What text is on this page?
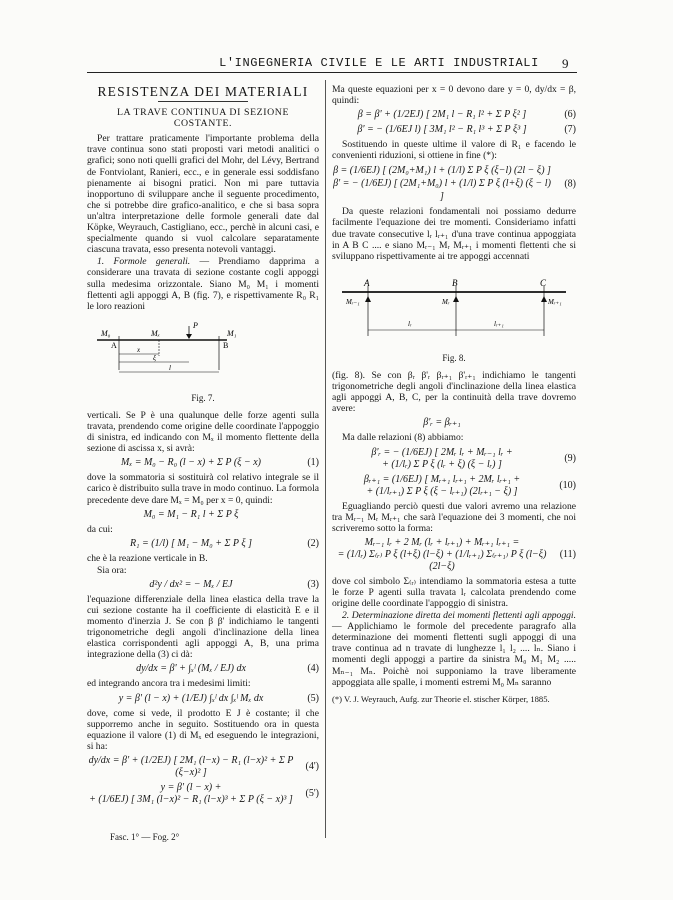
L'INGEGNERIA CIVILE E LE ARTI INDUSTRIALI	9
RESISTENZA DEI MATERIALI
LA TRAVE CONTINUA DI SEZIONE COSTANTE.

Per trattare praticamente l'importante problema della trave continua sono stati proposti vari metodi analitici o grafici; sono noti quelli grafici del Mohr, del Lévy, Bertrand de Fontviolant, Ranieri, ecc., e in generale essi soddisfano pienamente ai bisogni pratici. Non mi pare tuttavia inopportuno di sviluppare anche il seguente procedimento, che si potrebbe dire grafico-analitico, e che si basa sopra un'altra interpretazione delle formole generali date dal Köpke, Weyrauch, Castigliano, ecc., perchè in alcuni casi, e specialmente quando si vuol calcolare separatamente ciascuna travata, esso presenta notevoli vantaggi.

1. Formole generali. — Prendiamo dapprima a considerare una travata di sezione costante cogli appoggi sulla medesima orizzontale. Siano M₀ M₁ i momenti flettenti agli appoggi A, B (fig. 7), e rispettivamente R₀ R₁ le loro reazioni

M₀	M₁
Mₓ
P
A	B
x
ξ
l
Fig. 7.

verticali. Se P è una qualunque delle forze agenti sulla travata, prendendo come origine delle coordinate l'appoggio di sinistra, ed indicando con Mₓ il momento flettente della sezione di ascissa x, si avrà:

Mₓ = M₀ − R₀ (l − x) + Σ P (ξ − x)	(1)

dove la sommatoria si sostituirà col relativo integrale se il carico è distribuito sulla trave in modo continuo. La formola precedente deve dare Mₓ = M₀ per x = 0, quindi:

M₀ = M₁ − R₁ l + Σ P ξ

da cui:

R₁ = (1/l) [ M₁ − M₀ + Σ P ξ ]	(2)

che è la reazione verticale in B.

Sia ora:

d²y / dx² = − Mₓ / EJ	(3)

l'equazione differenziale della linea elastica della trave la cui sezione costante ha il coefficiente di elasticità E e il momento d'inerzia J. Se con β β' indichiamo le tangenti trigonometriche degli angoli d'inclinazione della linea elastica corrispondenti agli appoggi A, B, una prima integrazione della (3) ci dà:

dy/dx = β' + ∫ₓˡ (Mₓ / EJ) dx	(4)

ed integrando ancora tra i medesimi limiti:

y = β' (l − x) + (1/EJ) ∫ₓˡ dx ∫ₓˡ Mₓ dx	(5)

dove, come si vede, il prodotto E J è costante; il che supporremo anche in seguito. Sostituendo ora in questa equazione il valore (1) di Mₓ ed eseguendo le integrazioni, si ha:

dy/dx = β' + (1/2EJ) [ 2M₁ (l−x) − R₁ (l−x)² + Σ P (ξ−x)² ]
(4')
y = β' (l − x) +
+ (1/6EJ) [ 3M₁ (l−x)² − R₁ (l−x)³ + Σ P (ξ − x)³ ]
(5')
Fasc. 1° — Fog. 2°

Ma queste equazioni per x = 0 devono dare y = 0, dy/dx = β, quindi:

β = β' + (1/2EJ) [ 2M₁ l − R₁ l² + Σ P ξ² ]	(6)
β' = − (1/6EJ l) [ 3M₁ l² − R₁ l³ + Σ P ξ³ ]	(7)

Sostituendo in queste ultime il valore di R₁ e facendo le convenienti riduzioni, si ottiene in fine (*):

β = (1/6EJ) [ (2M₀+M₁) l + (1/l) Σ P ξ (ξ−l) (2l − ξ) ]
β' = − (1/6EJ) [ (2M₁+M₀) l + (1/l) Σ P ξ (l+ξ) (ξ − l) ]
(8)

Da queste relazioni fondamentali noi possiamo dedurre facilmente l'equazione dei tre momenti. Consideriamo infatti due travate consecutive lᵣ lᵣ₊₁ d'una trave continua appoggiata in A B C .... e siano Mᵣ₋₁ Mᵣ Mᵣ₊₁ i momenti flettenti che si sviluppano rispettivamente ai tre appoggi accennati

A	B	C
Mᵣ₋₁	Mᵣ	Mᵣ₊₁
lᵣ	lᵣ₊₁
Fig. 8.

(fig. 8). Se con βᵣ β'ᵣ βᵣ₊₁ β'ᵣ₊₁ indichiamo le tangenti trigonometriche degli angoli d'inclinazione della linea elastica agli appoggi A, B, C, per la continuità della trave dovremo avere:

β'ᵣ = βᵣ₊₁

Ma dalle relazioni (8) abbiamo:

β'ᵣ = − (1/6EJ) [ 2Mᵣ lᵣ + Mᵣ₋₁ lᵣ +
+ (1/lᵣ) Σ P ξ (lᵣ + ξ) (ξ − lᵣ) ]
(9)
βᵣ₊₁ = (1/6EJ) [ Mᵣ₊₁ lᵣ₊₁ + 2Mᵣ lᵣ₊₁ +
+ (1/lᵣ₊₁) Σ P ξ (ξ − lᵣ₊₁) (2lᵣ₊₁ − ξ) ]
(10)

Eguagliando perciò questi due valori avremo una relazione tra Mᵣ₋₁ Mᵣ Mᵣ₊₁ che sarà l'equazione dei 3 momenti, che noi scriveremo sotto la forma:

Mᵣ₋₁ lᵣ + 2 Mᵣ (lᵣ + lᵣ₊₁) + Mᵣ₊₁ lᵣ₊₁ =
= (1/lᵣ) Σ₍ᵣ₎ P ξ (l+ξ) (l−ξ) + (1/lᵣ₊₁) Σ₍ᵣ₊₁₎ P ξ (l−ξ) (2l−ξ)
(11)

dove col simbolo Σ₍ᵣ₎ intendiamo la sommatoria estesa a tutte le forze P agenti sulla travata lᵣ calcolata prendendo come origine delle coordinate l'appoggio di sinistra.

2. Determinazione diretta dei momenti flettenti agli appoggi. — Applichiamo le formole del precedente paragrafo alla determinazione dei momenti flettenti sugli appoggi di una trave continua ad n travate di lunghezze l₁ l₂ .... lₙ. Siano i momenti degli appoggi a partire da sinistra M₀ M₁ M₂ ..... Mₙ₋₁ Mₙ. Poichè noi supponiamo la trave liberamente appoggiata alle spalle, i momenti estremi M₀ Mₙ saranno

(*) V. J. Weyrauch, Aufg. zur Theorie el. stischer Körper, 1885.
